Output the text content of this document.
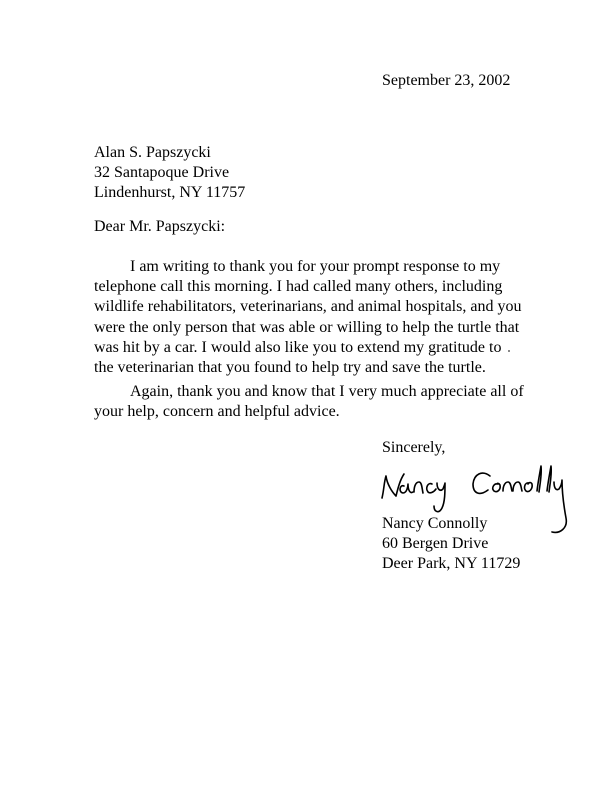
September 23, 2002
Alan S. Papszycki
32 Santapoque Drive
Lindenhurst, NY 11757
Dear Mr. Papszycki:
I am writing to thank you for your prompt response to my
telephone call this morning. I had called many others, including
wildlife rehabilitators, veterinarians, and animal hospitals, and you
were the only person that was able or willing to help the turtle that
was hit by a car. I would also like you to extend my gratitude to
the veterinarian that you found to help try and save the turtle.
Again, thank you and know that I very much appreciate all of
your help, concern and helpful advice.
Sincerely,
Nancy Connolly
60 Bergen Drive
Deer Park, NY 11729
